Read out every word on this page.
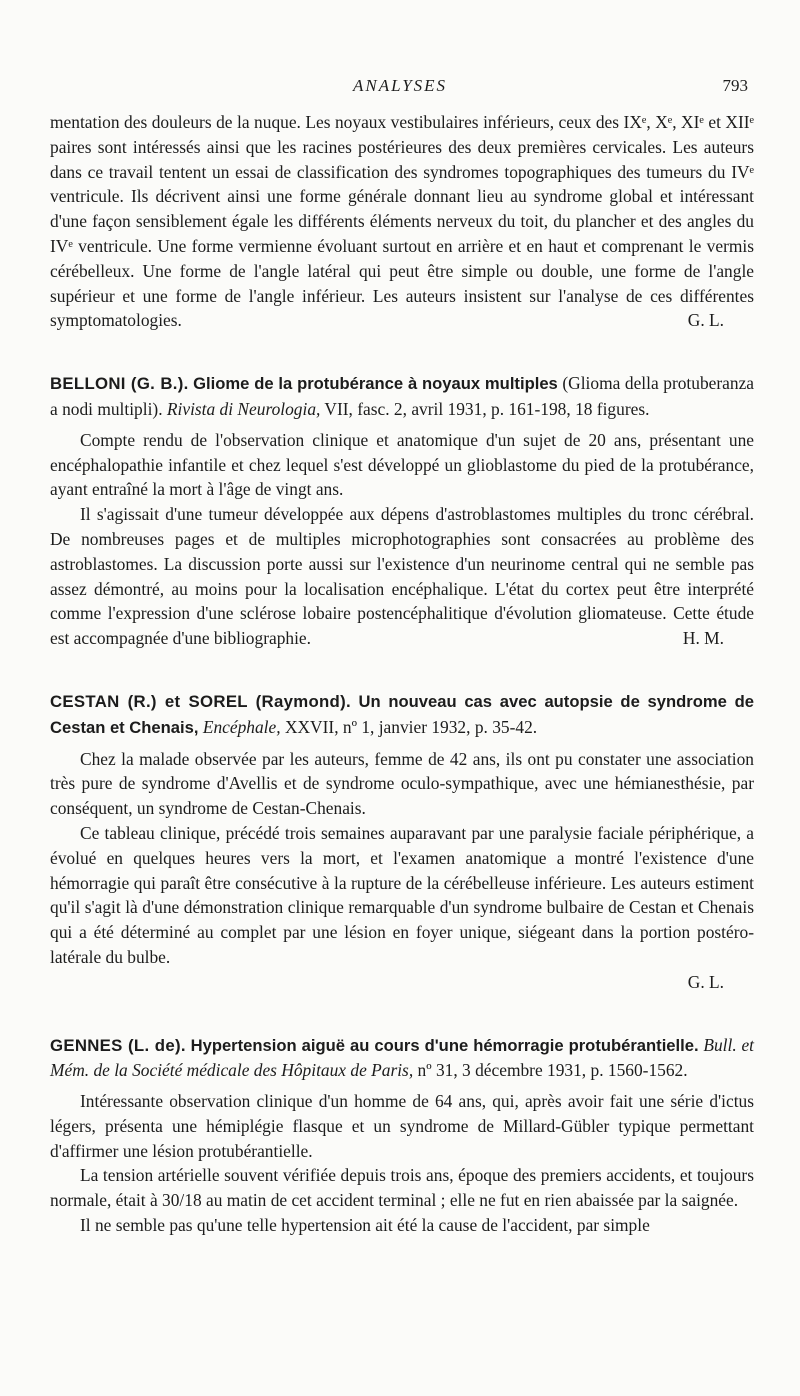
ANALYSES	793

mentation des douleurs de la nuque. Les noyaux vestibulaires inférieurs, ceux des IXᵉ, Xᵉ, XIᵉ et XIIᵉ paires sont intéressés ainsi que les racines postérieures des deux premières cervicales. Les auteurs dans ce travail tentent un essai de classification des syndromes topographiques des tumeurs du IVᵉ ventricule. Ils décrivent ainsi une forme générale donnant lieu au syndrome global et intéressant d'une façon sensiblement égale les différents éléments nerveux du toit, du plancher et des angles du IVᵉ ventricule. Une forme vermienne évoluant surtout en arrière et en haut et comprenant le vermis cérébelleux. Une forme de l'angle latéral qui peut être simple ou double, une forme de l'angle supérieur et une forme de l'angle inférieur. Les auteurs insistent sur l'analyse de ces différentes symptomatologies.	G. L.

BELLONI (G. B.). Gliome de la protubérance à noyaux multiples (Glioma della protuberanza a nodi multipli). Rivista di Neurologia, VII, fasc. 2, avril 1931, p. 161-198, 18 figures.

Compte rendu de l'observation clinique et anatomique d'un sujet de 20 ans, présentant une encéphalopathie infantile et chez lequel s'est développé un glioblastome du pied de la protubérance, ayant entraîné la mort à l'âge de vingt ans.

Il s'agissait d'une tumeur développée aux dépens d'astroblastomes multiples du tronc cérébral. De nombreuses pages et de multiples microphotographies sont consacrées au problème des astroblastomes. La discussion porte aussi sur l'existence d'un neurinome central qui ne semble pas assez démontré, au moins pour la localisation encéphalique. L'état du cortex peut être interprété comme l'expression d'une sclérose lobaire postencéphalitique d'évolution gliomateuse. Cette étude est accompagnée d'une bibliographie.	H. M.

CESTAN (R.) et SOREL (Raymond). Un nouveau cas avec autopsie de syndrome de Cestan et Chenais, Encéphale, XXVII, nº 1, janvier 1932, p. 35-42.

Chez la malade observée par les auteurs, femme de 42 ans, ils ont pu constater une association très pure de syndrome d'Avellis et de syndrome oculo-sympathique, avec une hémianesthésie, par conséquent, un syndrome de Cestan-Chenais.

Ce tableau clinique, précédé trois semaines auparavant par une paralysie faciale périphérique, a évolué en quelques heures vers la mort, et l'examen anatomique a montré l'existence d'une hémorragie qui paraît être consécutive à la rupture de la cérébelleuse inférieure. Les auteurs estiment qu'il s'agit là d'une démonstration clinique remarquable d'un syndrome bulbaire de Cestan et Chenais qui a été déterminé au complet par une lésion en foyer unique, siégeant dans la portion postéro-latérale du bulbe.

G. L.

GENNES (L. de). Hypertension aiguë au cours d'une hémorragie protubérantielle. Bull. et Mém. de la Société médicale des Hôpitaux de Paris, nº 31, 3 décembre 1931, p. 1560-1562.

Intéressante observation clinique d'un homme de 64 ans, qui, après avoir fait une série d'ictus légers, présenta une hémiplégie flasque et un syndrome de Millard-Gübler typique permettant d'affirmer une lésion protubérantielle.

La tension artérielle souvent vérifiée depuis trois ans, époque des premiers accidents, et toujours normale, était à 30/18 au matin de cet accident terminal ; elle ne fut en rien abaissée par la saignée.

Il ne semble pas qu'une telle hypertension ait été la cause de l'accident, par simple
